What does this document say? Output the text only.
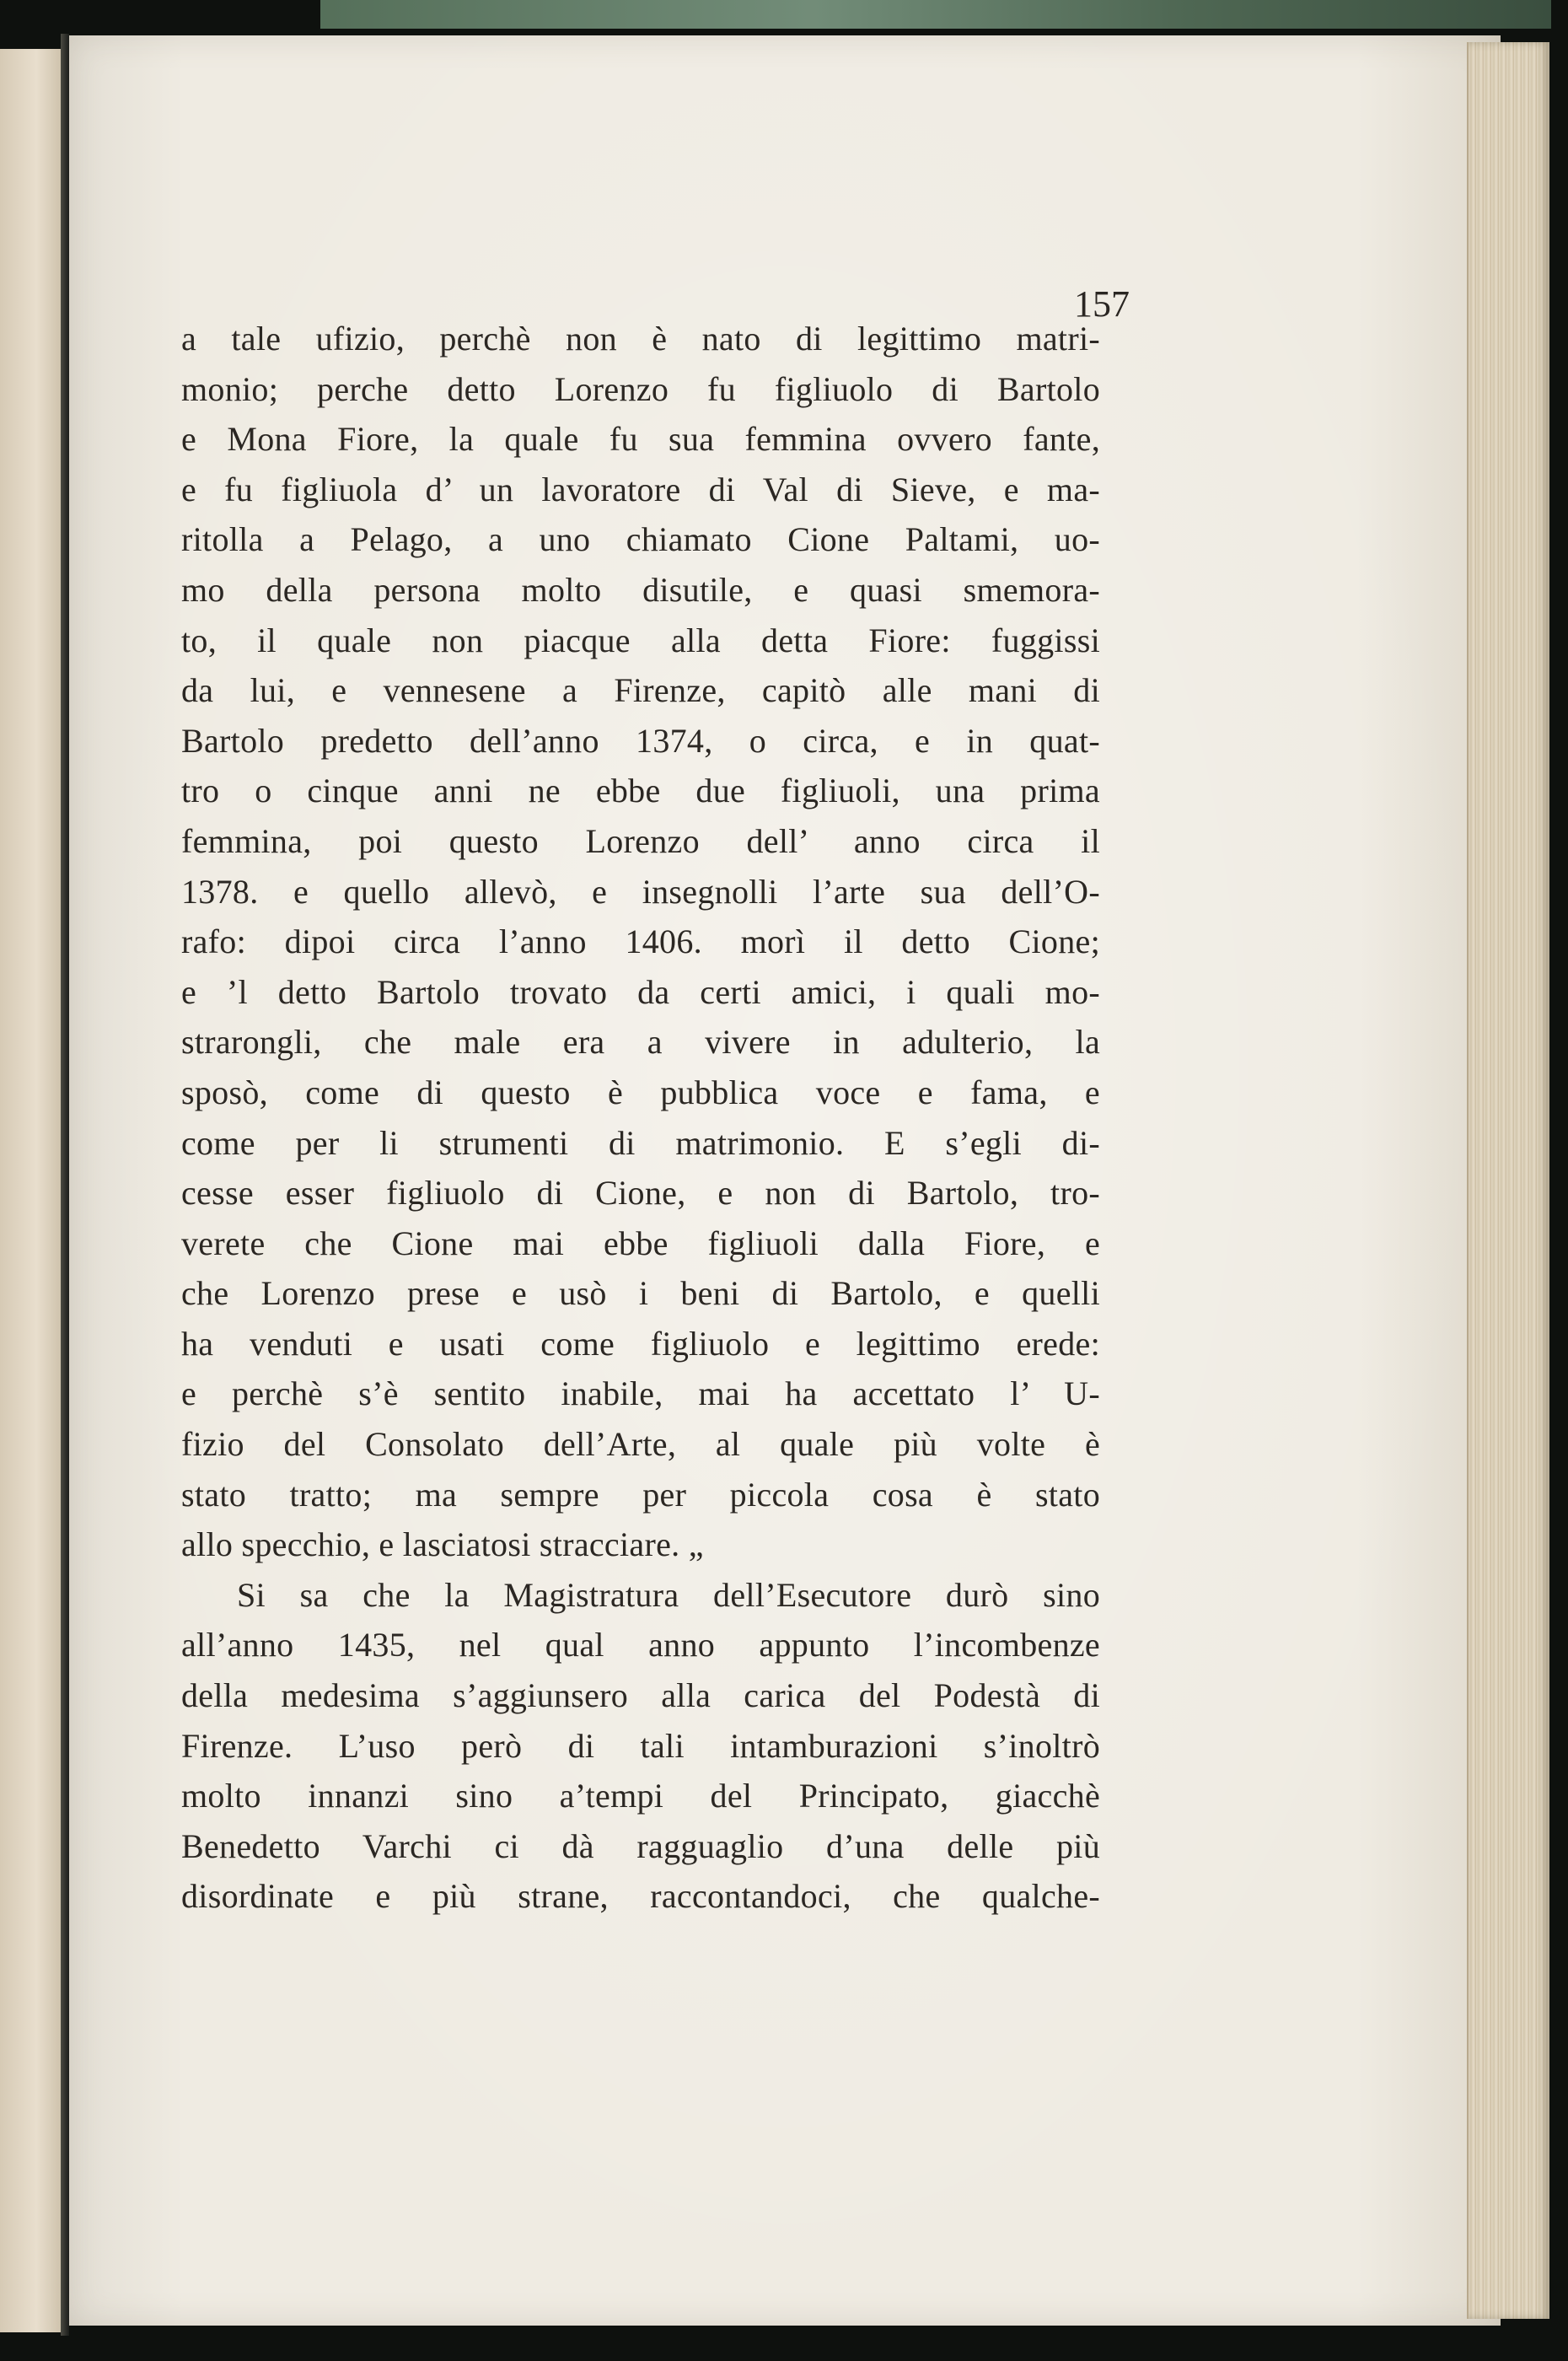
157
a tale ufizio, perchè non è nato di legittimo matri-
monio; perche detto Lorenzo fu figliuolo di Bartolo
e Mona Fiore, la quale fu sua femmina ovvero fante,
e fu figliuola d’ un lavoratore di Val di Sieve, e ma-
ritolla a Pelago, a uno chiamato Cione Paltami, uo-
mo della persona molto disutile, e quasi smemora-
to, il quale non piacque alla detta Fiore: fuggissi
da lui, e vennesene a Firenze, capitò alle mani di
Bartolo predetto dell’anno 1374, o circa, e in quat-
tro o cinque anni ne ebbe due figliuoli, una prima
femmina, poi questo Lorenzo dell’ anno circa il
1378. e quello allevò, e insegnolli l’arte sua dell’O-
rafo: dipoi circa l’anno 1406. morì il detto Cione;
e ’l detto Bartolo trovato da certi amici, i quali mo-
strarongli, che male era a vivere in adulterio, la
sposò, come di questo è pubblica voce e fama, e
come per li strumenti di matrimonio. E s’egli di-
cesse esser figliuolo di Cione, e non di Bartolo, tro-
verete che Cione mai ebbe figliuoli dalla Fiore, e
che Lorenzo prese e usò i beni di Bartolo, e quelli
ha venduti e usati come figliuolo e legittimo erede:
e perchè s’è sentito inabile, mai ha accettato l’ U-
fizio del Consolato dell’Arte, al quale più volte è
stato tratto; ma sempre per piccola cosa è stato
allo specchio, e lasciatosi stracciare. „
Si sa che la Magistratura dell’Esecutore durò sino
all’anno 1435, nel qual anno appunto l’incombenze
della medesima s’aggiunsero alla carica del Podestà di
Firenze. L’uso però di tali intamburazioni s’inoltrò
molto innanzi sino a’tempi del Principato, giacchè
Benedetto Varchi ci dà ragguaglio d’una delle più
disordinate e più strane, raccontandoci, che qualche-
